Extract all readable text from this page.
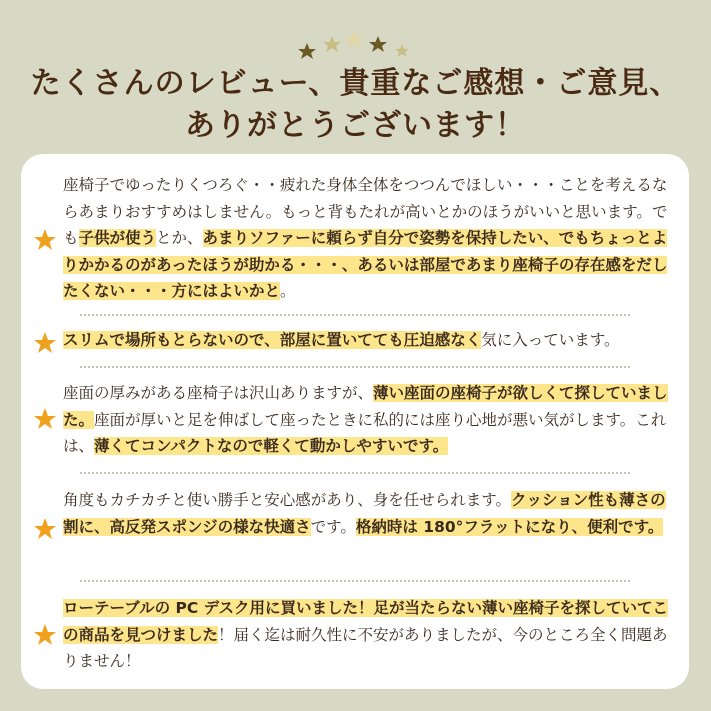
たくさんのレビュー、貴重なご感想・ご意見、
ありがとうございます！

座椅子でゆったりくつろぐ・・疲れた身体全体をつつんでほしい・・・ことを考えるならあまりおすすめはしません。もっと背もたれが高いとかのほうがいいと思います。でも子供が使うとか、あまりソファーに頼らず自分で姿勢を保持したい、でもちょっとよりかかるのがあったほうが助かる・・・、あるいは部屋であまり座椅子の存在感をだしたくない・・・方にはよいかと。

スリムで場所もとらないので、部屋に置いてても圧迫感なく気に入っています。

座面の厚みがある座椅子は沢山ありますが、薄い座面の座椅子が欲しくて探していました。座面が厚いと足を伸ばして座ったときに私的には座り心地が悪い気がします。これは、薄くてコンパクトなので軽くて動かしやすいです。

角度もカチカチと使い勝手と安心感があり、身を任せられます。クッション性も薄さの割に、高反発スポンジの様な快適さです。格納時は 180°フラットになり、便利です。

ローテーブルの PC デスク用に買いました！足が当たらない薄い座椅子を探していてこの商品を見つけました！届く迄は耐久性に不安がありましたが、今のところ全く問題ありません！
